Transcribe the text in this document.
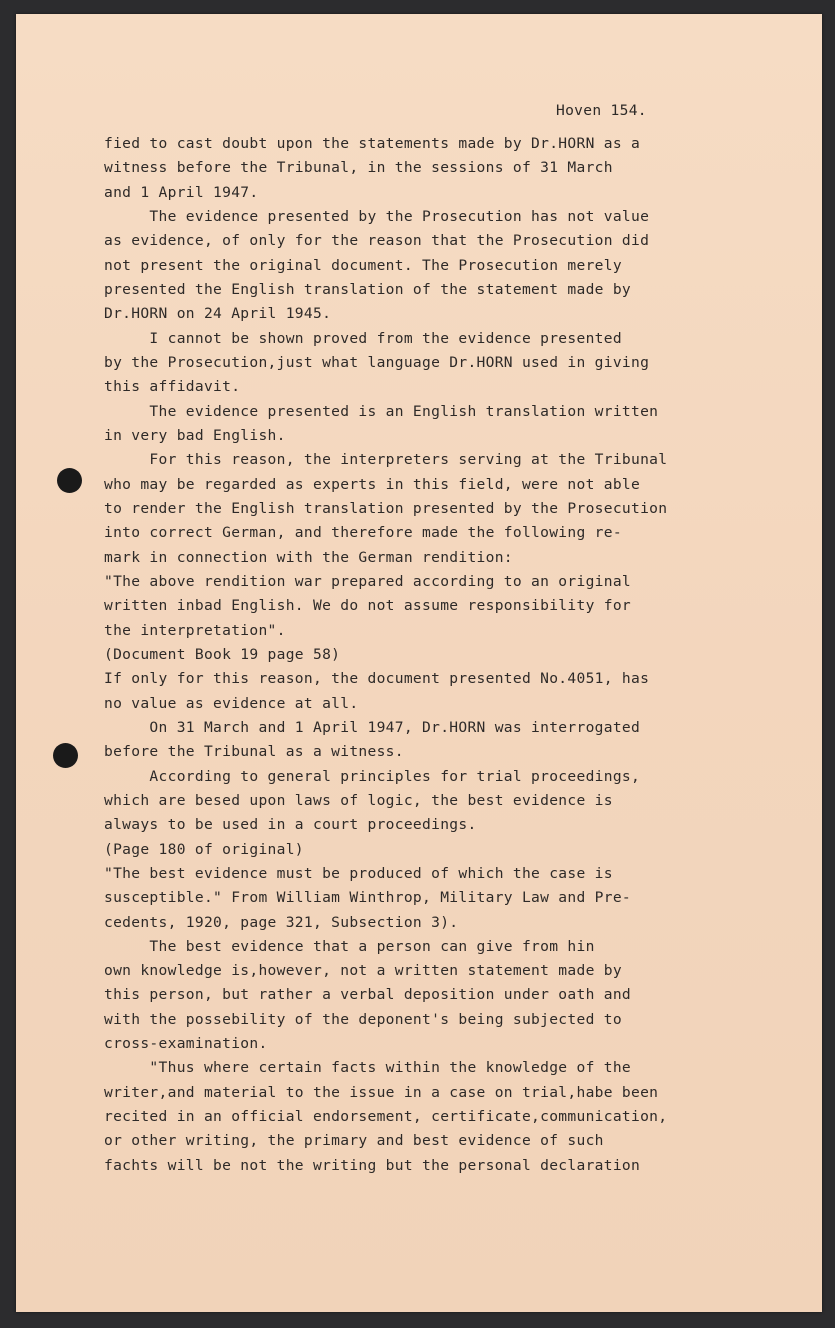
Hoven 154.
fied to cast doubt upon the statements made by Dr.HORN as a
witness before the Tribunal, in the sessions of 31 March
and 1 April 1947.
The evidence presented by the Prosecution has not value
as evidence, of only for the reason that the Prosecution did
not present the original document. The Prosecution merely
presented the English translation of the statement made by
Dr.HORN on 24 April 1945.
I cannot be shown proved from the evidence presented
by the Prosecution,just what language Dr.HORN used in giving
this affidavit.
The evidence presented is an English translation written
in very bad English.
For this reason, the interpreters serving at the Tribunal
who may be regarded as experts in this field, were not able
to render the English translation presented by the Prosecution
into correct German, and therefore made the following re-
mark in connection with the German rendition:
"The above rendition war prepared according to an original
written inbad English. We do not assume responsibility for
the interpretation".
(Document Book 19 page 58)
If only for this reason, the document presented No.4051, has
no value as evidence at all.
On 31 March and 1 April 1947, Dr.HORN was interrogated
before the Tribunal as a witness.
According to general principles for trial proceedings,
which are besed upon laws of logic, the best evidence is
always to be used in a court proceedings.
(Page 180 of original)
"The best evidence must be produced of which the case is
susceptible." From William Winthrop, Military Law and Pre-
cedents, 1920, page 321, Subsection 3).
The best evidence that a person can give from hin
own knowledge is,however, not a written statement made by
this person, but rather a verbal deposition under oath and
with the possebility of the deponent's being subjected to
cross-examination.
"Thus where certain facts within the knowledge of the
writer,and material to the issue in a case on trial,habe been
recited in an official endorsement, certificate,communication,
or other writing, the primary and best evidence of such
fachts will be not the writing but the personal declaration
